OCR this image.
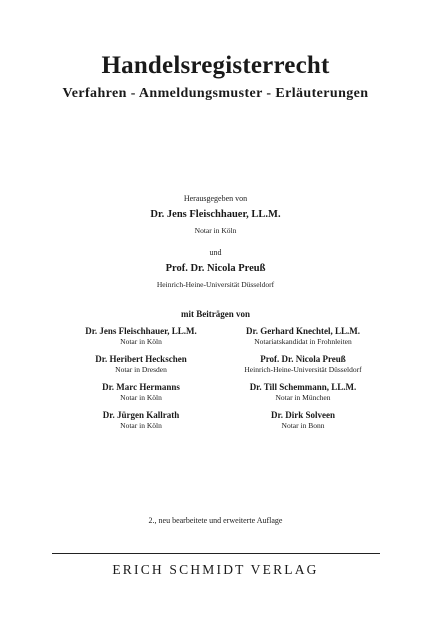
Handelsregisterrecht
Verfahren - Anmeldungsmuster - Erläuterungen
Herausgegeben von
Dr. Jens Fleischhauer, LL.M.
Notar in Köln
und
Prof. Dr. Nicola Preuß
Heinrich-Heine-Universität Düsseldorf
mit Beiträgen von
Dr. Jens Fleischhauer, LL.M.
Notar in Köln
Dr. Heribert Heckschen
Notar in Dresden
Dr. Marc Hermanns
Notar in Köln
Dr. Jürgen Kallrath
Notar in Köln
Dr. Gerhard Knechtel, LL.M.
Notariatskandidat in Frohnleiten
Prof. Dr. Nicola Preuß
Heinrich-Heine-Universität Düsseldorf
Dr. Till Schemmann, LL.M.
Notar in München
Dr. Dirk Solveen
Notar in Bonn
2., neu bearbeitete und erweiterte Auflage
ERICH SCHMIDT VERLAG
